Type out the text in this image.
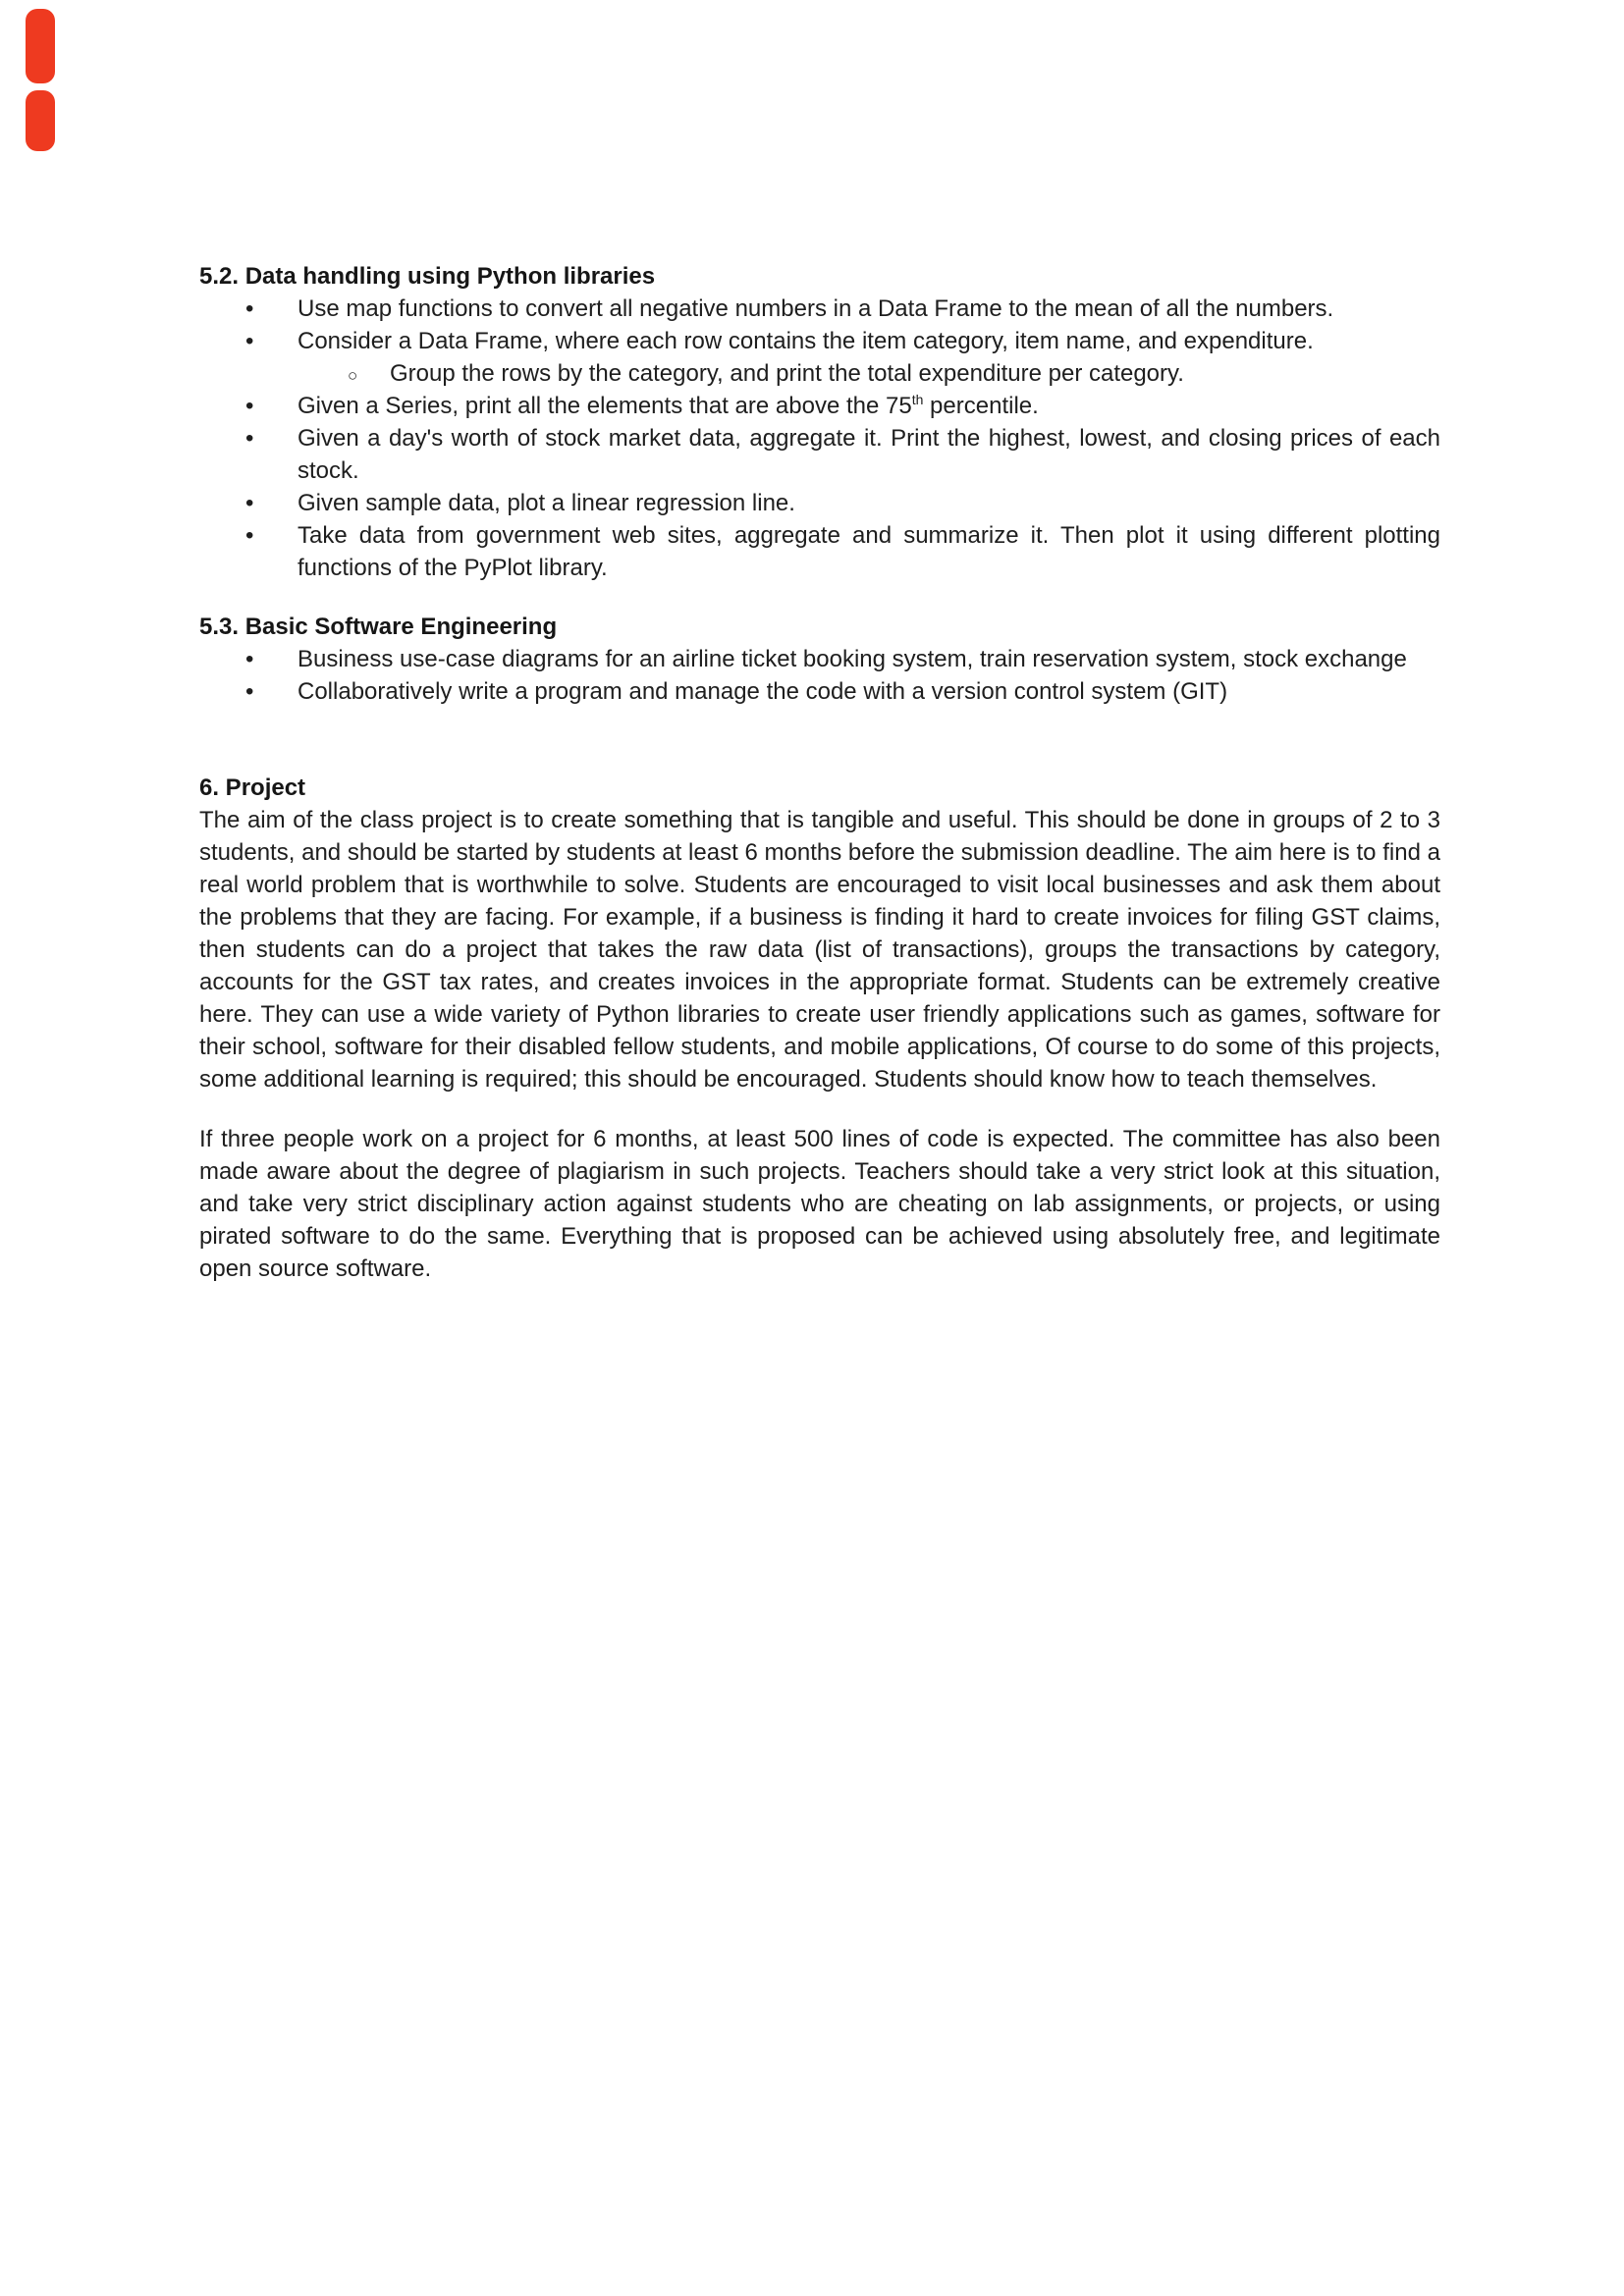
5.2. Data handling using Python libraries

• Use map functions to convert all negative numbers in a Data Frame to the mean of all the numbers.
• Consider a Data Frame, where each row contains the item category, item name, and expenditure.
○ Group the rows by the category, and print the total expenditure per category.
• Given a Series, print all the elements that are above the 75th percentile.
• Given a day's worth of stock market data, aggregate it. Print the highest, lowest, and closing prices of each stock.
• Given sample data, plot a linear regression line.
• Take data from government web sites, aggregate and summarize it. Then plot it using different plotting functions of the PyPlot library.

5.3. Basic Software Engineering

• Business use-case diagrams for an airline ticket booking system, train reservation system, stock exchange
• Collaboratively write a program and manage the code with a version control system (GIT)

6. Project

The aim of the class project is to create something that is tangible and useful. This should be done in groups of 2 to 3 students, and should be started by students at least 6 months before the submission deadline. The aim here is to find a real world problem that is worthwhile to solve. Students are encouraged to visit local businesses and ask them about the problems that they are facing. For example, if a business is finding it hard to create invoices for filing GST claims, then students can do a project that takes the raw data (list of transactions), groups the transactions by category, accounts for the GST tax rates, and creates invoices in the appropriate format. Students can be extremely creative here. They can use a wide variety of Python libraries to create user friendly applications such as games, software for their school, software for their disabled fellow students, and mobile applications, Of course to do some of this projects, some additional learning is required; this should be encouraged. Students should know how to teach themselves.

If three people work on a project for 6 months, at least 500 lines of code is expected. The committee has also been made aware about the degree of plagiarism in such projects. Teachers should take a very strict look at this situation, and take very strict disciplinary action against students who are cheating on lab assignments, or projects, or using pirated software to do the same. Everything that is proposed can be achieved using absolutely free, and legitimate open source software.
